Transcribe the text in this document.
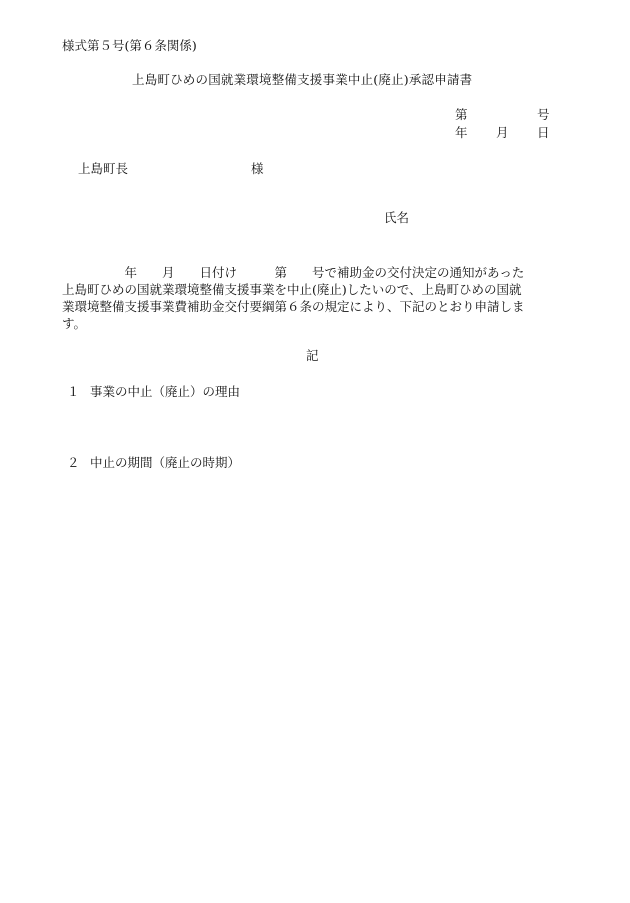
様式第５号(第６条関係)
上島町ひめの国就業環境整備支援事業中止(廃止)承認申請書
第	号
年 月 日
上島町長	様
氏名
　　　　　年　　月　　日付け　　　第　　号で補助金の交付決定の通知があった
上島町ひめの国就業環境整備支援事業を中止(廃止)したいので、上島町ひめの国就
業環境整備支援事業費補助金交付要綱第６条の規定により、下記のとおり申請しま
す。
記
１ 事業の中止（廃止）の理由
２ 中止の期間（廃止の時期）
